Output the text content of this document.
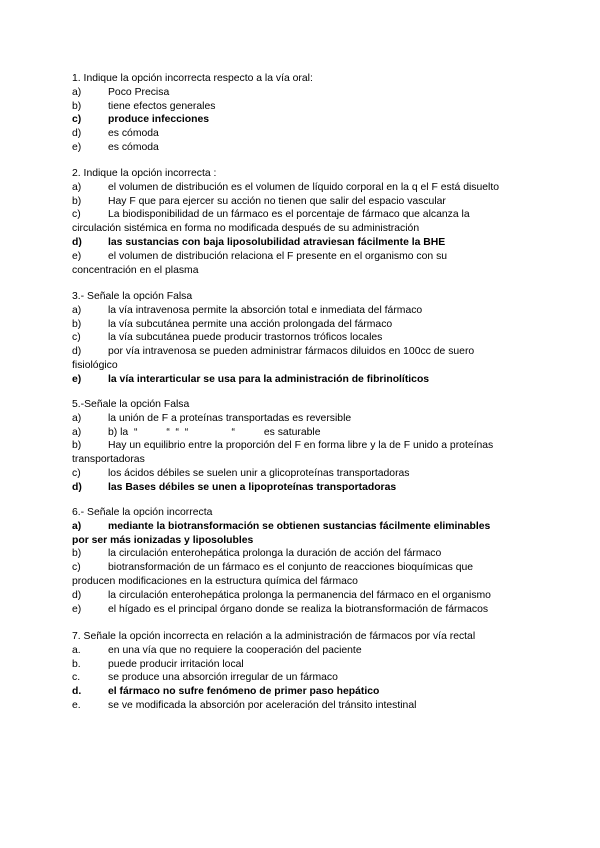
1. Indique la opción incorrecta respecto a la vía oral:
a)	Poco Precisa
b)	tiene efectos generales
c)	produce infecciones
d)	es cómoda
e)	es cómoda
2. Indique la opción incorrecta :
a)	el volumen de distribución es el volumen de líquido corporal en la q el F está disuelto
b)	Hay F que para ejercer su acción no tienen que salir del espacio vascular
c)	La biodisponibilidad de un fármaco es el porcentaje de fármaco que alcanza la
circulación sistémica en forma no modificada después de su administración
d)	las sustancias con baja liposolubilidad atraviesan fácilmente la BHE
e)	el volumen de distribución relaciona el F presente en el organismo con su
concentración en el plasma
3.- Señale la opción Falsa
a)	la vía intravenosa permite la absorción total e inmediata del fármaco
b)	la vía subcutánea permite una acción prolongada del fármaco
c)	la vía subcutánea puede producir trastornos tróficos locales
d)	por vía intravenosa se pueden administrar fármacos diluidos en 100cc de suero
fisiológico
e)	la vía interarticular se usa para la administración de fibrinolíticos
5.-Señale la opción Falsa
a)	la unión de F a proteínas transportadas es reversible
a)	b) la  “          “  “  “               “          es saturable
b)	Hay un equilibrio entre la proporción del F en forma libre y la de F unido a proteínas
transportadoras
c)	los ácidos débiles se suelen unir a glicoproteínas transportadoras
d)	las Bases débiles se unen a lipoproteínas transportadoras
6.- Señale la opción incorrecta
a)	mediante la biotransformación se obtienen sustancias fácilmente eliminables
por ser más ionizadas y liposolubles
b)	la circulación enterohepática prolonga la duración de acción del fármaco
c)	biotransformación de un fármaco es el conjunto de reacciones bioquímicas que
producen modificaciones en la estructura química del fármaco
d)	la circulación enterohepática prolonga la permanencia del fármaco en el organismo
e)	el hígado es el principal órgano donde se realiza la biotransformación de fármacos
7. Señale la opción incorrecta en relación a la administración de fármacos por vía rectal
a.	en una vía que no requiere la cooperación del paciente
b.	puede producir irritación local
c.	se produce una absorción irregular de un fármaco
d.	el fármaco no sufre fenómeno de primer paso hepático
e.	se ve modificada la absorción por aceleración del tránsito intestinal
